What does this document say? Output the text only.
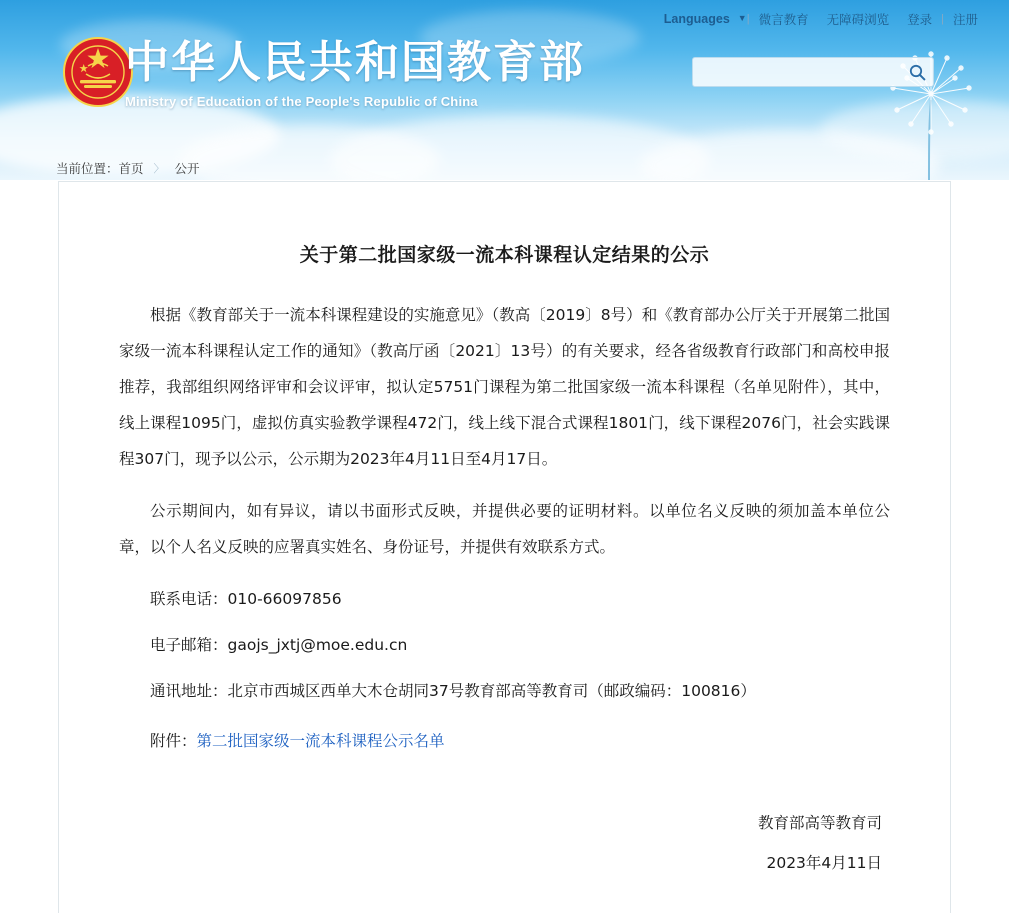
Languages ▼ | 微言教育	无障碍浏览	登录 | 注册
中华人民共和国教育部
Ministry of Education of the People's Republic of China
当前位置： 首页 〉 公开
关于第二批国家级一流本科课程认定结果的公示

根据《教育部关于一流本科课程建设的实施意见》（教高〔2019〕8号）和《教育部办公厅关于开展第二批国家级一流本科课程认定工作的通知》（教高厅函〔2021〕13号）的有关要求，经各省级教育行政部门和高校申报推荐，我部组织网络评审和会议评审，拟认定5751门课程为第二批国家级一流本科课程（名单见附件），其中，线上课程1095门，虚拟仿真实验教学课程472门，线上线下混合式课程1801门，线下课程2076门，社会实践课程307门，现予以公示，公示期为2023年4月11日至4月17日。

公示期间内，如有异议，请以书面形式反映，并提供必要的证明材料。以单位名义反映的须加盖本单位公章，以个人名义反映的应署真实姓名、身份证号，并提供有效联系方式。

联系电话：010-66097856

电子邮箱：gaojs_jxtj@moe.edu.cn

通讯地址：北京市西城区西单大木仓胡同37号教育部高等教育司（邮政编码：100816）

附件：第二批国家级一流本科课程公示名单

教育部高等教育司
2023年4月11日
